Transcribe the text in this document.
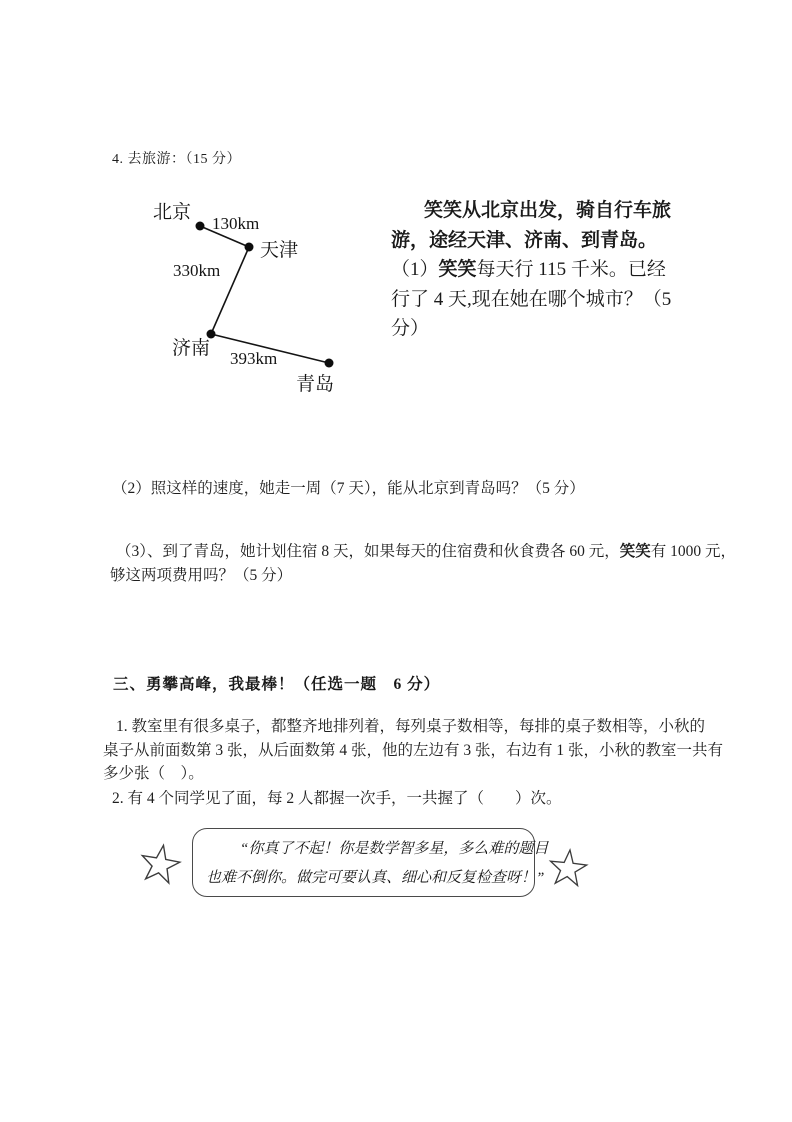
4. 去旅游：（15 分）
北京
130km
天津
330km
济南 393km
青岛
笑笑从北京出发，骑自行车旅
游，途经天津、济南、到青岛。
（1）笑笑每天行 115 千米。已经
行了 4 天,现在她在哪个城市？（5
分）
（2）照这样的速度，她走一周（7 天），能从北京到青岛吗？（5 分）
（3）、到了青岛，她计划住宿 8 天，如果每天的住宿费和伙食费各 60 元，笑笑有 1000 元，
够这两项费用吗？（5 分）
三、勇攀高峰，我最棒！（任选一题　6 分）
1. 教室里有很多桌子，都整齐地排列着，每列桌子数相等，每排的桌子数相等，小秋的
桌子从前面数第 3 张，从后面数第 4 张，他的左边有 3 张，右边有 1 张，小秋的教室一共有
多少张（　）。
2. 有 4 个同学见了面，每 2 人都握一次手，一共握了（　　）次。
“你真了不起！你是数学智多星，多么难的题目
也难不倒你。做完可要认真、细心和反复检查呀！”
